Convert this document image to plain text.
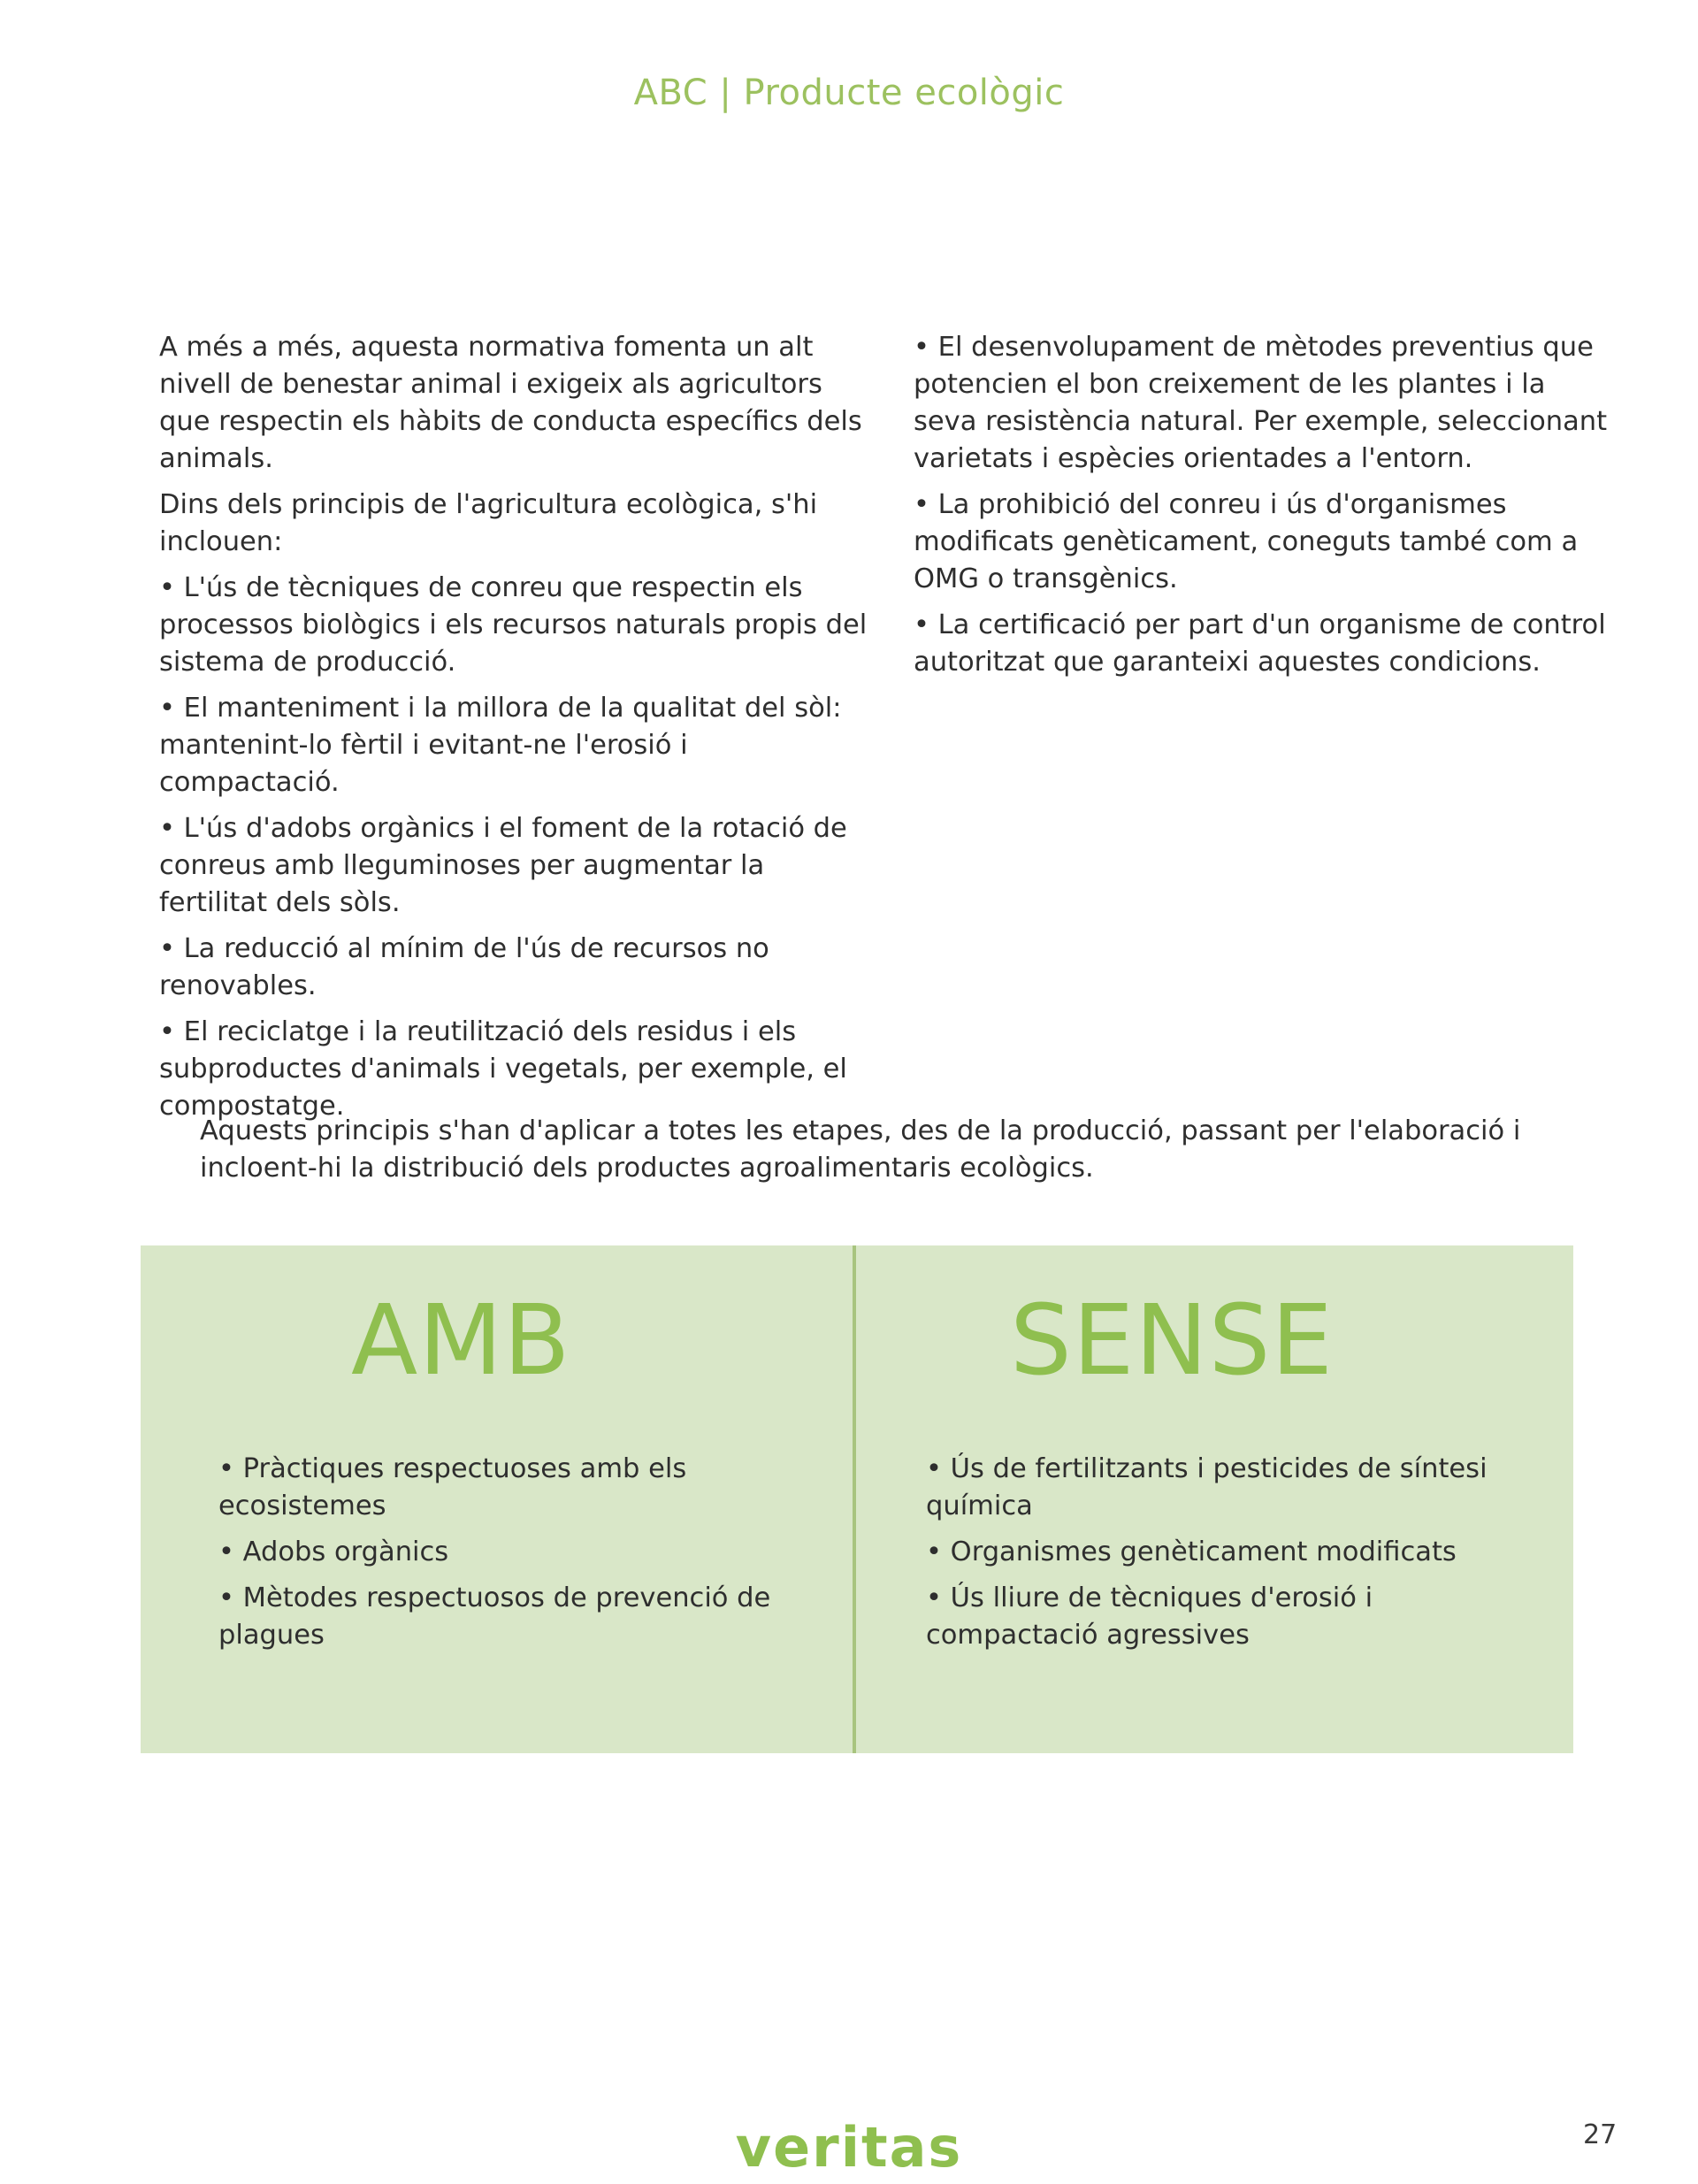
ABC | Producte ecològic

A més a més, aquesta normativa fomenta un alt nivell de benestar animal i exigeix als agricultors que respectin els hàbits de conducta específics dels animals.

Dins dels principis de l'agricultura ecològica, s'hi inclouen:

• L'ús de tècniques de conreu que respectin els processos biològics i els recursos naturals propis del sistema de producció.

• El manteniment i la millora de la qualitat del sòl: mantenint-lo fèrtil i evitant-ne l'erosió i compactació.

• L'ús d'adobs orgànics i el foment de la rotació de conreus amb lleguminoses per augmentar la fertilitat dels sòls.

• La reducció al mínim de l'ús de recursos no renovables.

• El reciclatge i la reutilització dels residus i els subproductes d'animals i vegetals, per exemple, el compostatge.

• El desenvolupament de mètodes preventius que potencien el bon creixement de les plantes i la seva resistència natural. Per exemple, seleccionant varietats i espècies orientades a l'entorn.

• La prohibició del conreu i ús d'organismes modificats genèticament, coneguts també com a OMG o transgènics.

• La certificació per part d'un organisme de control autoritzat que garanteixi aquestes condicions.

Aquests principis s'han d'aplicar a totes les etapes, des de la producció, passant per l'elaboració i incloent-hi la distribució dels productes agroalimentaris ecològics.

AMB

• Pràctiques respectuoses amb els ecosistemes

• Adobs orgànics

• Mètodes respectuosos de prevenció de plagues

SENSE

• Ús de fertilitzants i pesticides de síntesi química

• Organismes genèticament modificats

• Ús lliure de tècniques d'erosió i compactació agressives

veritas	27
